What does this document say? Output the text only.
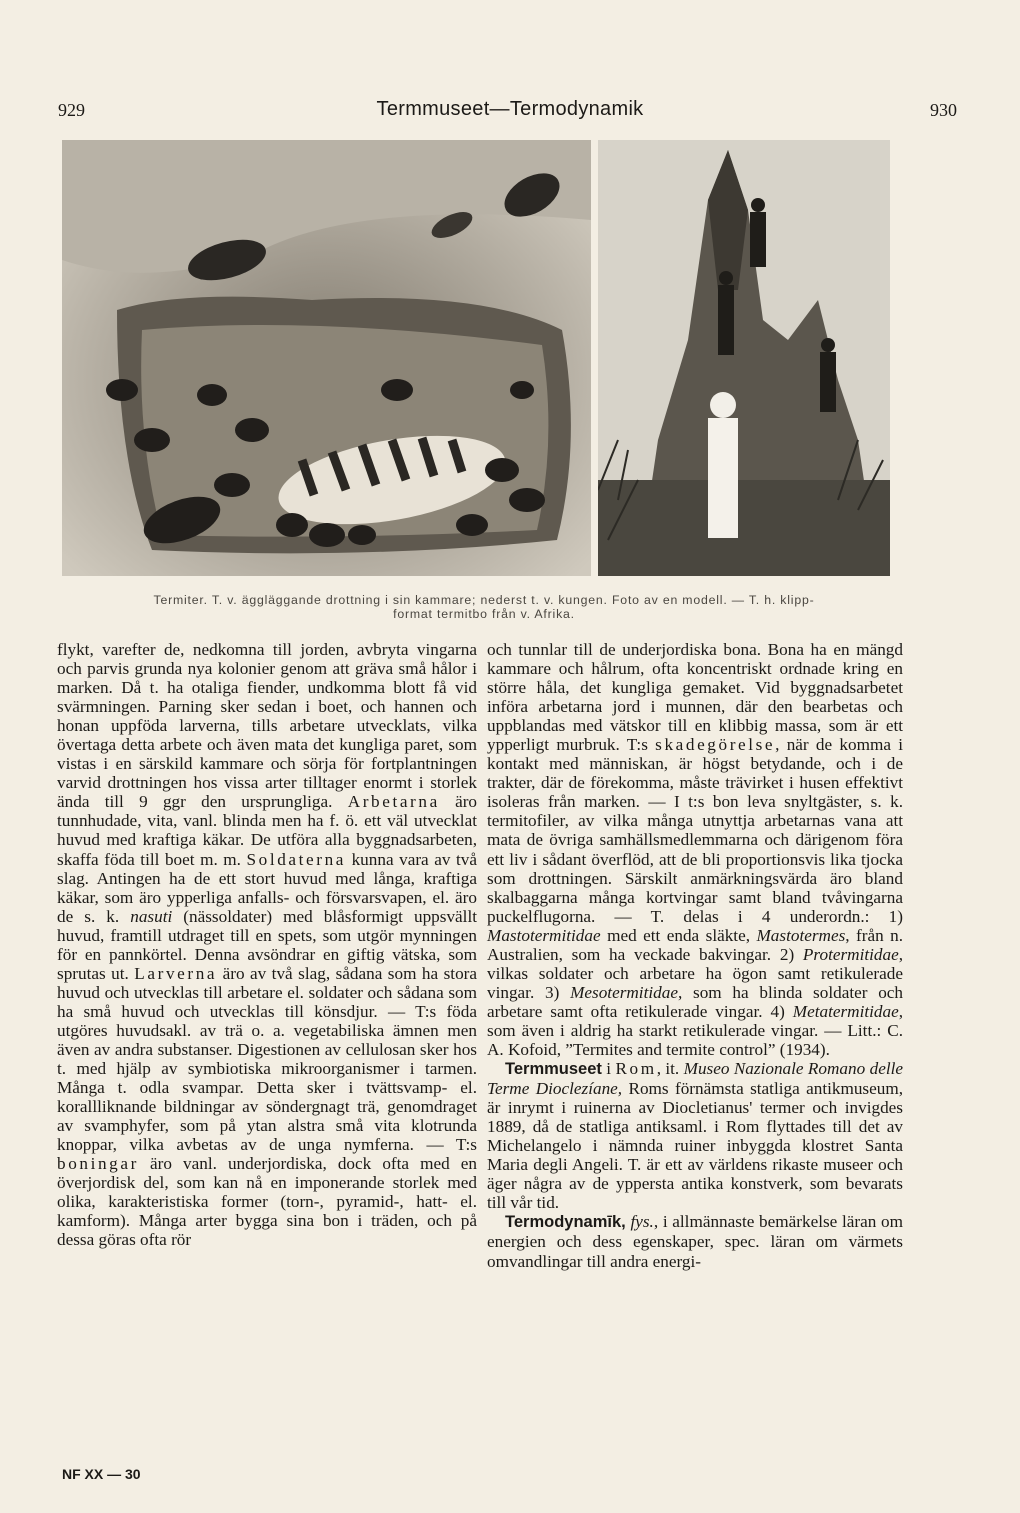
929	Termmuseet—Termodynamik	930
Termiter. T. v. äggläggande drottning i sin kammare; nederst t. v. kungen. Foto av en modell. — T. h. klipp-
format termitbo från v. Afrika.

flykt, varefter de, nedkomna till jorden, avbryta vingarna och parvis grunda nya kolonier genom att gräva små hålor i marken. Då t. ha otaliga fiender, undkomma blott få vid svärmningen. Parning sker sedan i boet, och hannen och honan uppföda larverna, tills arbetare utvecklats, vilka övertaga detta arbete och även mata det kungliga paret, som vistas i en särskild kammare och sörja för fortplantningen varvid drottningen hos vissa arter tilltager enormt i storlek ända till 9 ggr den ursprungliga. Arbetarna äro tunnhudade, vita, vanl. blinda men ha f. ö. ett väl utvecklat huvud med kraftiga käkar. De utföra alla byggnadsarbeten, skaffa föda till boet m. m. Soldaterna kunna vara av två slag. Antingen ha de ett stort huvud med långa, kraftiga käkar, som äro ypperliga anfalls- och försvarsvapen, el. äro de s. k. nasuti (nässoldater) med blåsformigt uppsvällt huvud, framtill utdraget till en spets, som utgör mynningen för en pannkörtel. Denna avsöndrar en giftig vätska, som sprutas ut. Larverna äro av två slag, sådana som ha stora huvud och utvecklas till arbetare el. soldater och sådana som ha små huvud och utvecklas till könsdjur. — T:s föda utgöres huvudsakl. av trä o. a. vegetabiliska ämnen men även av andra substanser. Digestionen av cellulosan sker hos t. med hjälp av symbiotiska mikroorganismer i tarmen. Många t. odla svampar. Detta sker i tvättsvamp- el. korallliknande bildningar av söndergnagt trä, genomdraget av svamphyfer, som på ytan alstra små vita klotrunda knoppar, vilka avbetas av de unga nymferna. — T:s boningar äro vanl. underjordiska, dock ofta med en överjordisk del, som kan nå en imponerande storlek med olika, karakteristiska former (torn-, pyramid-, hatt- el. kamform). Många arter bygga sina bon i träden, och på dessa göras ofta rör

och tunnlar till de underjordiska bona. Bona ha en mängd kammare och hålrum, ofta koncentriskt ordnade kring en större håla, det kungliga gemaket. Vid byggnadsarbetet införa arbetarna jord i munnen, där den bearbetas och uppblandas med vätskor till en klibbig massa, som är ett ypperligt murbruk. T:s skadegörelse, när de komma i kontakt med människan, är högst betydande, och i de trakter, där de förekomma, måste trävirket i husen effektivt isoleras från marken. — I t:s bon leva snyltgäster, s. k. termitofiler, av vilka många utnyttja arbetarnas vana att mata de övriga samhällsmedlemmarna och därigenom föra ett liv i sådant överflöd, att de bli proportionsvis lika tjocka som drottningen. Särskilt anmärkningsvärda äro bland skalbaggarna många kortvingar samt bland tvåvingarna puckelflugorna. — T. delas i 4 underordn.: 1) Mastotermitidae med ett enda släkte, Mastotermes, från n. Australien, som ha veckade bakvingar. 2) Protermitidae, vilkas soldater och arbetare ha ögon samt retikulerade vingar. 3) Mesotermitidae, som ha blinda soldater och arbetare samt ofta retikulerade vingar. 4) Metatermitidae, som även i aldrig ha starkt retikulerade vingar. — Litt.: C. A. Kofoid, ”Termites and termite control” (1934).

Termmuseet i Rom, it. Museo Nazionale Romano delle Terme Dioclezíane, Roms förnämsta statliga antikmuseum, är inrymt i ruinerna av Diocletianus' termer och invigdes 1889, då de statliga antiksaml. i Rom flyttades till det av Michelangelo i nämnda ruiner inbyggda klostret Santa Maria degli Angeli. T. är ett av världens rikaste museer och äger några av de yppersta antika konstverk, som bevarats till vår tid.

Termodynamīk, fys., i allmännaste bemärkelse läran om energien och dess egenskaper, spec. läran om värmets omvandlingar till andra energi-

NF XX — 30
